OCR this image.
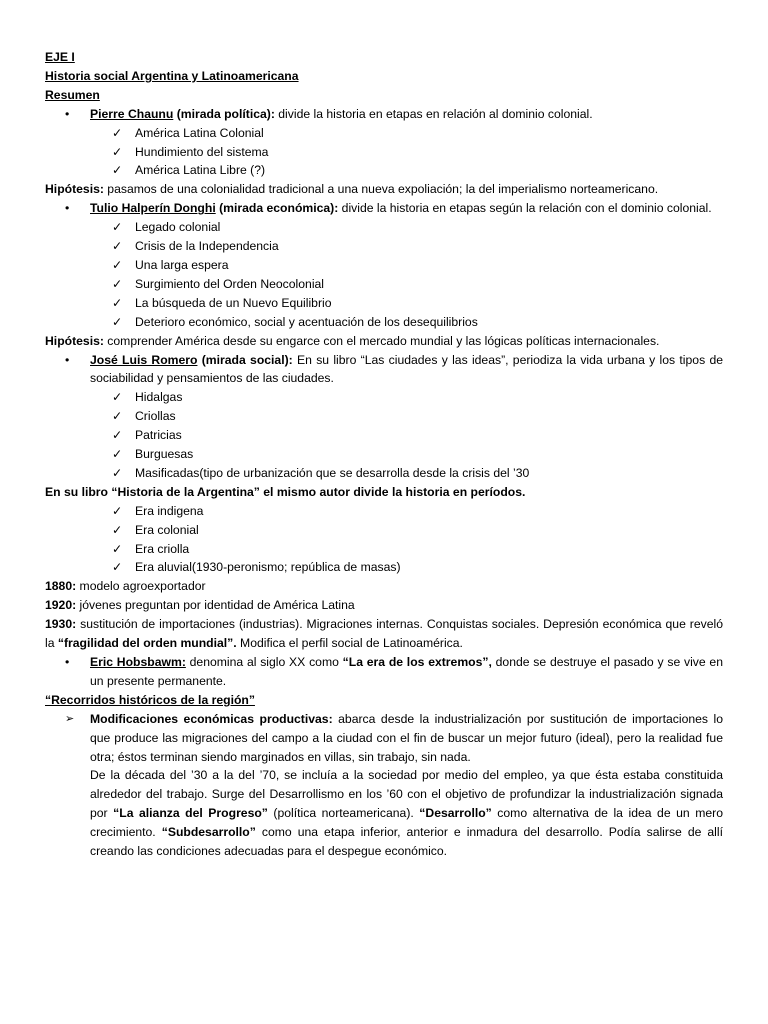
EJE I
Historia social Argentina y Latinoamericana
Resumen
• Pierre Chaunu (mirada política): divide la historia en etapas en relación al dominio colonial.
✓ América Latina Colonial
✓ Hundimiento del sistema
✓ América Latina Libre (?)
Hipótesis: pasamos de una colonialidad tradicional a una nueva expoliación; la del imperialismo norteamericano.
• Tulio Halperín Donghi (mirada económica): divide la historia en etapas según la relación con el dominio colonial.
✓ Legado colonial
✓ Crisis de la Independencia
✓ Una larga espera
✓ Surgimiento del Orden Neocolonial
✓ La búsqueda de un Nuevo Equilibrio
✓ Deterioro económico, social y acentuación de los desequilibrios
Hipótesis: comprender América desde su engarce con el mercado mundial y las lógicas políticas internacionales.
• José Luis Romero (mirada social): En su libro “Las ciudades y las ideas”, periodiza la vida urbana y los tipos de sociabilidad y pensamientos de las ciudades.
✓ Hidalgas
✓ Criollas
✓ Patricias
✓ Burguesas
✓ Masificadas(tipo de urbanización que se desarrolla desde la crisis del ’30
En su libro “Historia de la Argentina” el mismo autor divide la historia en períodos.
✓ Era indigena
✓ Era colonial
✓ Era criolla
✓ Era aluvial(1930-peronismo; república de masas)
1880: modelo agroexportador
1920: jóvenes preguntan por identidad de América Latina
1930: sustitución de importaciones (industrias). Migraciones internas. Conquistas sociales. Depresión económica que reveló la “fragilidad del orden mundial”. Modifica el perfil social de Latinoamérica.
• Eric Hobsbawm: denomina al siglo XX como “La era de los extremos”, donde se destruye el pasado y se vive en un presente permanente.
“Recorridos históricos de la región”
➢ Modificaciones económicas productivas: abarca desde la industrialización por sustitución de importaciones lo que produce las migraciones del campo a la ciudad con el fin de buscar un mejor futuro (ideal), pero la realidad fue otra; éstos terminan siendo marginados en villas, sin trabajo, sin nada.
De la década del ’30 a la del ’70, se incluía a la sociedad por medio del empleo, ya que ésta estaba constituida alrededor del trabajo. Surge del Desarrollismo en los ’60 con el objetivo de profundizar la industrialización signada por “La alianza del Progreso” (política norteamericana). “Desarrollo” como alternativa de la idea de un mero crecimiento. “Subdesarrollo” como una etapa inferior, anterior e inmadura del desarrollo. Podía salirse de allí creando las condiciones adecuadas para el despegue económico.
